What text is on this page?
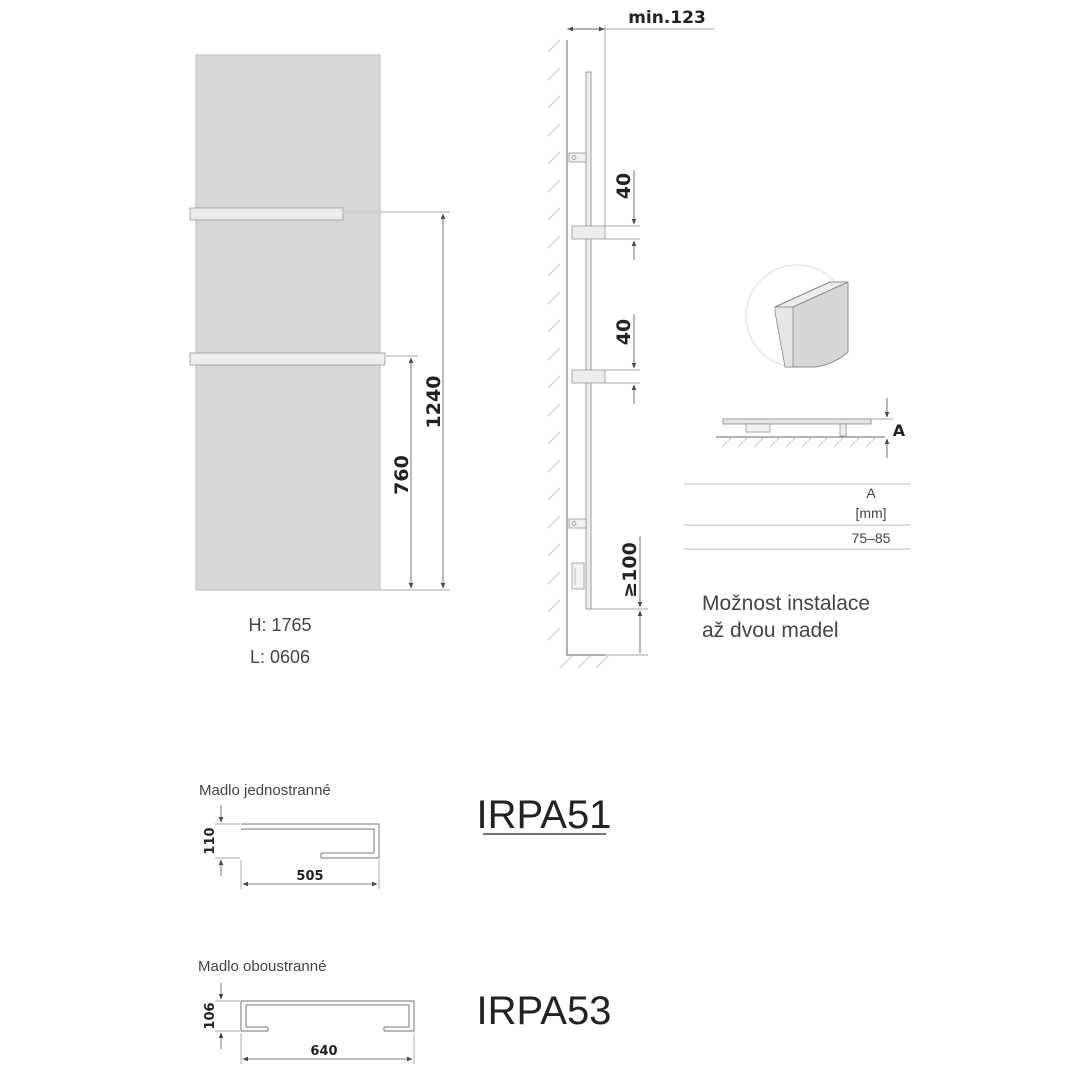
1240
760
H: 1765
L: 0606
min.123
40
40
≥100
A
A
[mm]
75–85
Možnost instalace
až dvou madel
Madlo jednostranné
110
505
IRPA51
Madlo oboustranné
106
640
IRPA53
